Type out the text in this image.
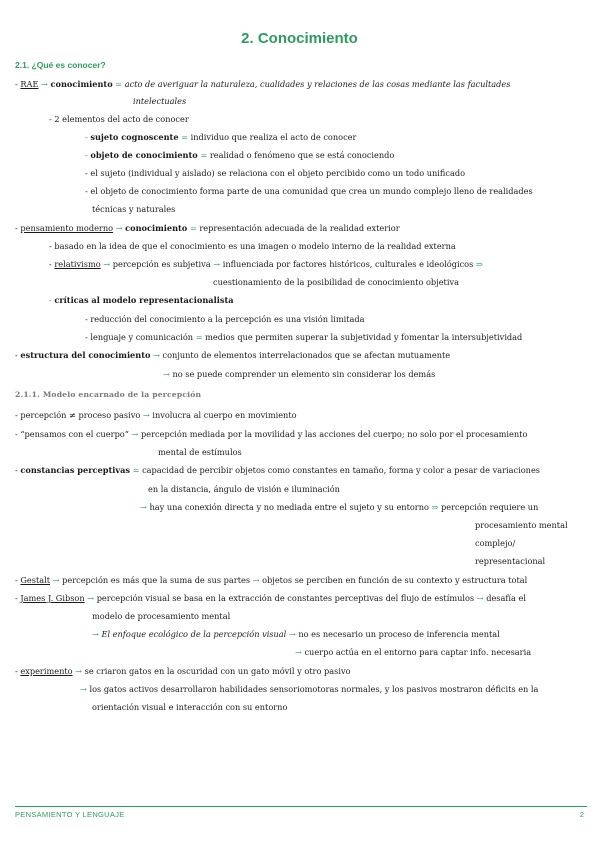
2. Conocimiento
2.1. ¿Qué es conocer?
- RAE → conocimiento = acto de averiguar la naturaleza, cualidades y relaciones de las cosas mediante las facultades
intelectuales
- 2 elementos del acto de conocer
- sujeto cognoscente = individuo que realiza el acto de conocer
- objeto de conocimiento = realidad o fenómeno que se está conociendo
- el sujeto (individual y aislado) se relaciona con el objeto percibido como un todo unificado
- el objeto de conocimiento forma parte de una comunidad que crea un mundo complejo lleno de realidades
técnicas y naturales
- pensamiento moderno → conocimiento = representación adecuada de la realidad exterior
- basado en la idea de que el conocimiento es una imagen o modelo interno de la realidad externa
- relativismo → percepción es subjetiva → influenciada por factores históricos, culturales e ideológicos ⇒
cuestionamiento de la posibilidad de conocimiento objetiva
- críticas al modelo representacionalista
- reducción del conocimiento a la percepción es una visión limitada
- lenguaje y comunicación = medios que permiten superar la subjetividad y fomentar la intersubjetividad
- estructura del conocimiento → conjunto de elementos interrelacionados que se afectan mutuamente
→ no se puede comprender un elemento sin considerar los demás
2.1.1. Modelo encarnado de la percepción
- percepción ≠ proceso pasivo → involucra al cuerpo en movimiento
- “pensamos con el cuerpo” → percepción mediada por la movilidad y las acciones del cuerpo; no solo por el procesamiento
mental de estímulos
- constancias perceptivas = capacidad de percibir objetos como constantes en tamaño, forma y color a pesar de variaciones
en la distancia, ángulo de visión e iluminación
→ hay una conexión directa y no mediada entre el sujeto y su entorno ⇒ percepción requiere un
procesamiento mental
complejo/
representacional
- Gestalt → percepción es más que la suma de sus partes → objetos se perciben en función de su contexto y estructura total
- James J. Gibson → percepción visual se basa en la extracción de constantes perceptivas del flujo de estímulos → desafía el
modelo de procesamiento mental
→ El enfoque ecológico de la percepción visual → no es necesario un proceso de inferencia mental
→ cuerpo actúa en el entorno para captar info. necesaria
- experimento → se criaron gatos en la oscuridad con un gato móvil y otro pasivo
→ los gatos activos desarrollaron habilidades sensoriomotoras normales, y los pasivos mostraron déficits en la
orientación visual e interacción con su entorno
PENSAMIENTO Y LENGUAJE	2
